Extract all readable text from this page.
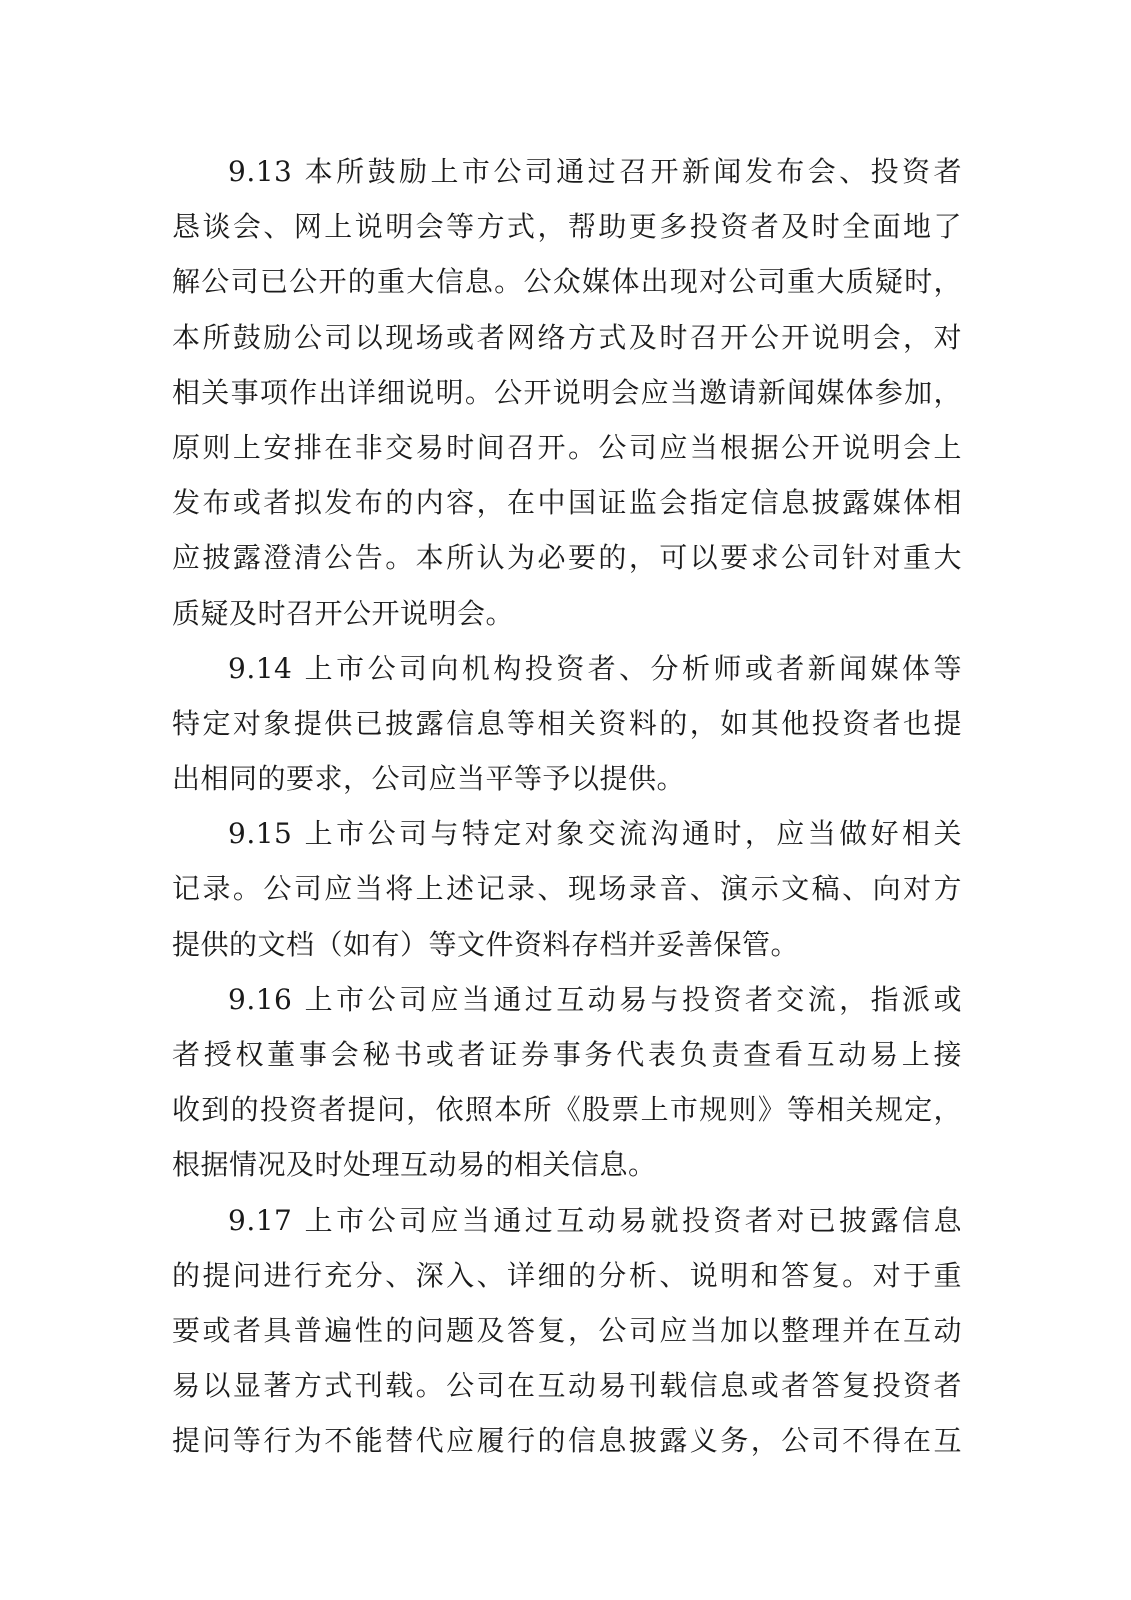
9.13 本所鼓励上市公司通过召开新闻发布会、投资者
恳谈会、网上说明会等方式，帮助更多投资者及时全面地了
解公司已公开的重大信息。公众媒体出现对公司重大质疑时，
本所鼓励公司以现场或者网络方式及时召开公开说明会，对
相关事项作出详细说明。公开说明会应当邀请新闻媒体参加，
原则上安排在非交易时间召开。公司应当根据公开说明会上
发布或者拟发布的内容，在中国证监会指定信息披露媒体相
应披露澄清公告。本所认为必要的，可以要求公司针对重大
质疑及时召开公开说明会。
9.14 上市公司向机构投资者、分析师或者新闻媒体等
特定对象提供已披露信息等相关资料的，如其他投资者也提
出相同的要求，公司应当平等予以提供。
9.15 上市公司与特定对象交流沟通时，应当做好相关
记录。公司应当将上述记录、现场录音、演示文稿、向对方
提供的文档（如有）等文件资料存档并妥善保管。
9.16 上市公司应当通过互动易与投资者交流，指派或
者授权董事会秘书或者证券事务代表负责查看互动易上接
收到的投资者提问，依照本所《股票上市规则》等相关规定，
根据情况及时处理互动易的相关信息。
9.17 上市公司应当通过互动易就投资者对已披露信息
的提问进行充分、深入、详细的分析、说明和答复。对于重
要或者具普遍性的问题及答复，公司应当加以整理并在互动
易以显著方式刊载。公司在互动易刊载信息或者答复投资者
提问等行为不能替代应履行的信息披露义务，公司不得在互
